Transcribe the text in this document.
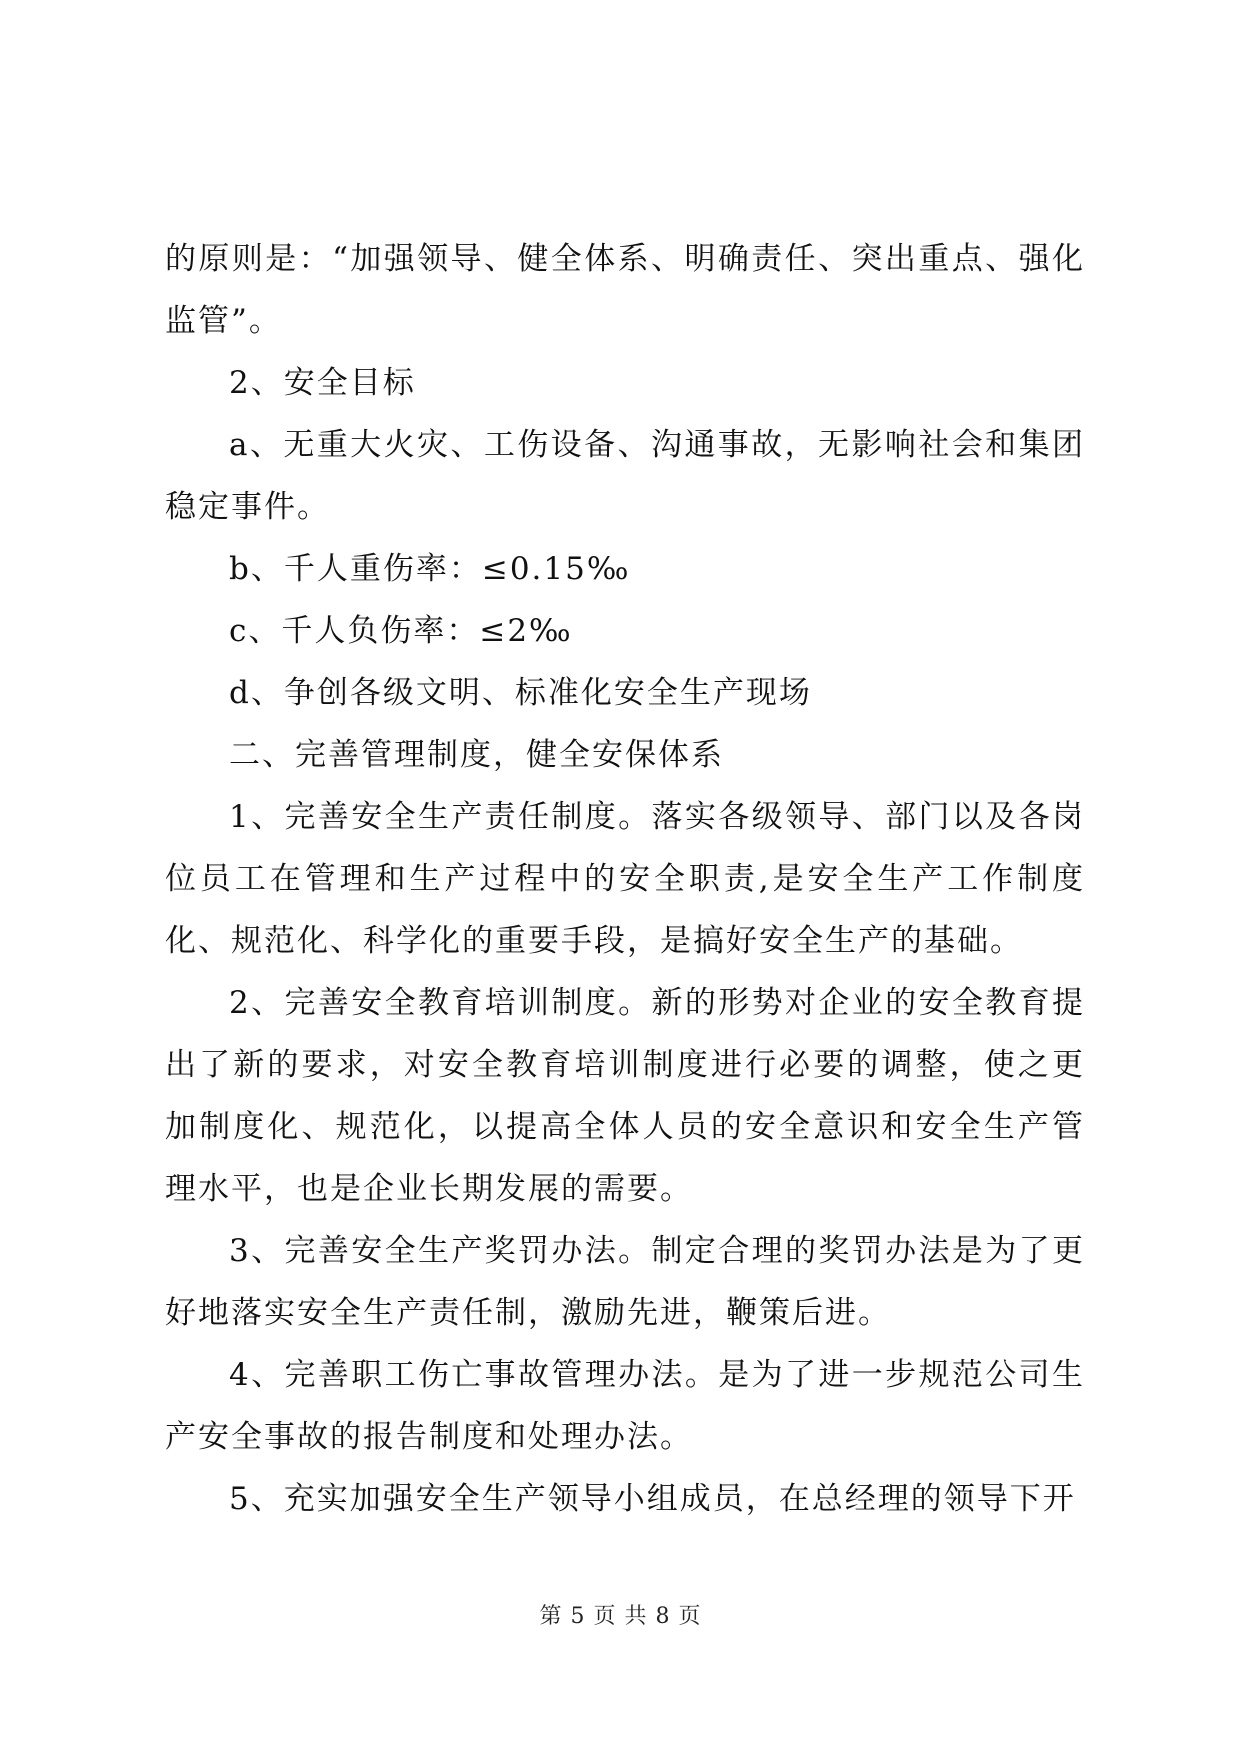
的原则是：“加强领导、健全体系、明确责任、突出重点、强化监管”。

2、安全目标

a、无重大火灾、工伤设备、沟通事故，无影响社会和集团稳定事件。

b、千人重伤率：≤0.15‰

c、千人负伤率：≤2‰

d、争创各级文明、标准化安全生产现场

二、完善管理制度，健全安保体系

1、完善安全生产责任制度。落实各级领导、部门以及各岗位员工在管理和生产过程中的安全职责,是安全生产工作制度化、规范化、科学化的重要手段，是搞好安全生产的基础。

2、完善安全教育培训制度。新的形势对企业的安全教育提出了新的要求，对安全教育培训制度进行必要的调整，使之更加制度化、规范化，以提高全体人员的安全意识和安全生产管理水平，也是企业长期发展的需要。

3、完善安全生产奖罚办法。制定合理的奖罚办法是为了更好地落实安全生产责任制，激励先进，鞭策后进。

4、完善职工伤亡事故管理办法。是为了进一步规范公司生产安全事故的报告制度和处理办法。

5、充实加强安全生产领导小组成员，在总经理的领导下开

第 5 页 共 8 页
